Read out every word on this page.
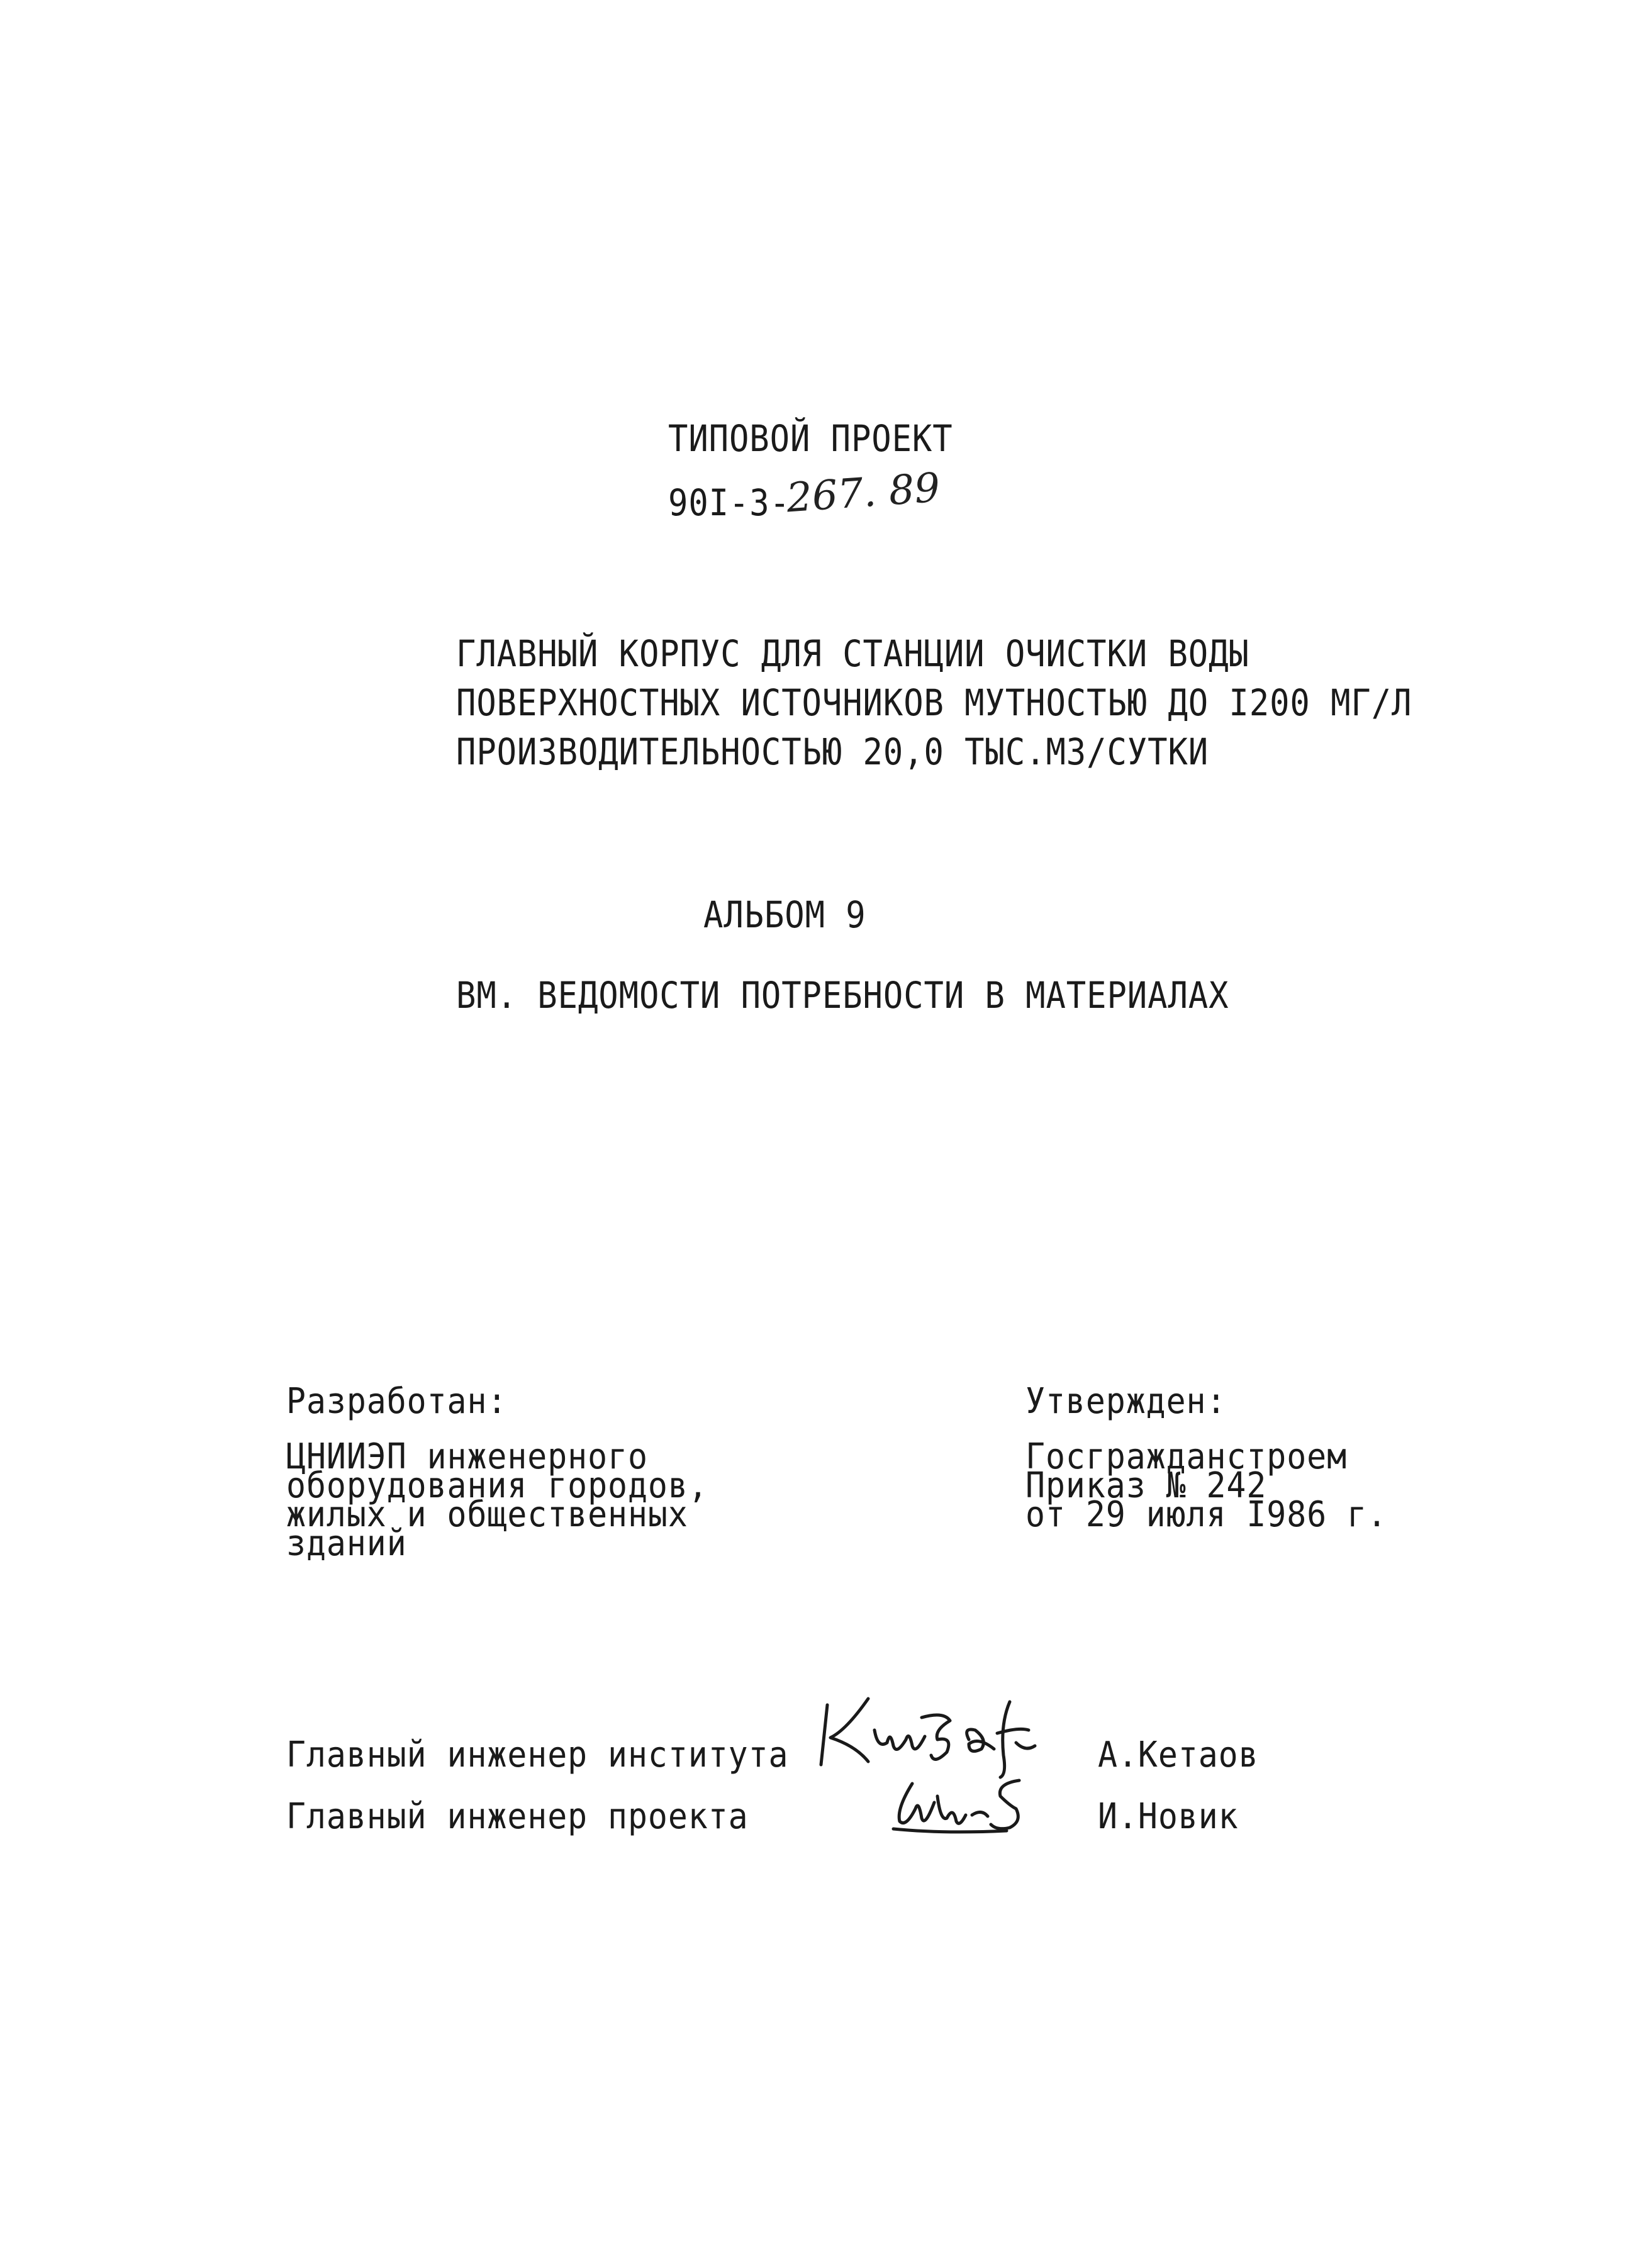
ТИПОВОЙ ПРОЕКТ
90I-3-
267. 89
ГЛАВНЫЙ КОРПУС ДЛЯ СТАНЦИИ ОЧИСТКИ ВОДЫ
ПОВЕРХНОСТНЫХ ИСТОЧНИКОВ МУТНОСТЬЮ ДО I200 МГ/Л
ПРОИЗВОДИТЕЛЬНОСТЬЮ 20,0 ТЫС.М3/СУТКИ
АЛЬБОМ 9
ВМ. ВЕДОМОСТИ ПОТРЕБНОСТИ В МАТЕРИАЛАХ
Разработан:
ЦНИИЭП инженерного
оборудования городов,
жилых и общественных
зданий
Утвержден:
Госгражданстроем
Приказ № 242
от 29 июля I986 г.
Главный инженер института	А.Кетаов
Главный инженер проекта	И.Новик
